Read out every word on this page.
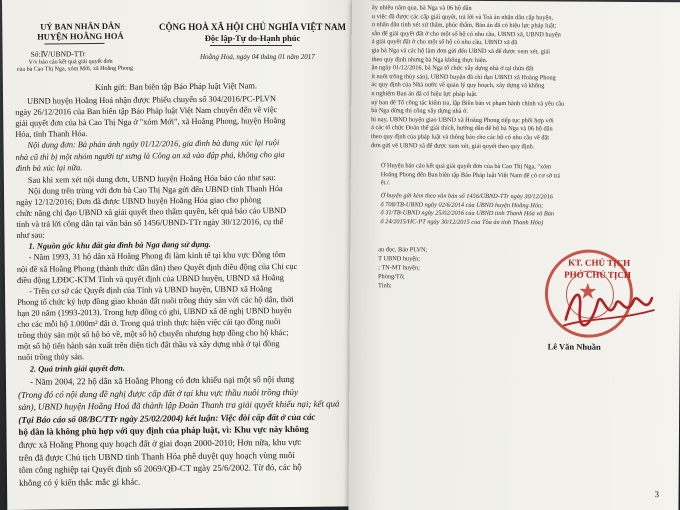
UỶ BAN NHÂN DÂN
HUYỆN HOẰNG HOÁ
Số:Ⅳ/UBND-TTr
V/v báo cáo kết quả giải quyết đơn
của bà Cao Thị Nga, xóm Mới, xã Hoằng Phong
Kính gửi: Ban biên tập Báo Pháp luật Việt Nam.
UBND huyện Hoằng Hoá nhận được Phiếu chuyển số 304/2016/PC-PLVN
ngày 26/12/2016 của Ban biên tập Báo Pháp luật Việt Nam chuyển đến về việc
giải quyết đơn của bà Cao Thị Nga ở "xóm Mới", xã Hoằng Phong, huyện Hoằng
Hóa, tỉnh Thanh Hóa.
Nội dung đơn: Bà phản ánh ngày 01/12/2016, gia đình bà đang xúc lại ruội
nhà cũ thì bị một nhóm người tự xưng là Công an xã vào đập phá, không cho gia
đình bà xúc lại nữa.
Sau khi xem xét nội dung đơn, UBND huyện Hoằng Hóa báo cáo như sau:
Nội dung trên trùng với đơn bà Cao Thị Nga gửi đến UBND tỉnh Thanh Hóa
ngày 12/12/2016; Đơn đã được UBND huyện Hoằng Hóa giao cho phòng
chức năng chỉ đạo UBND xã giải quyết theo thẩm quyền, kết quả báo cáo UBND
tỉnh và trả lời công dân tại văn bản số 1456/UBND-TTr ngày 30/12/2016, cụ thể
như sau:
1. Nguồn gốc khu đất gia đình bà Nga đang sử dụng.
- Năm 1993, 31 hộ dân xã Hoằng Phong đi làm kinh tế tại khu vực Đồng tôm
nội đê xã Hoằng Phong (thành thức dân dân) theo Quyết định điều động của Chi cục
điều động LĐĐC-KTM Tỉnh và quyết định của UBND huyện, UBND xã Hoằng
- Trên cơ sở các Quyết định của Tỉnh và UBND huyện, UBND xã Hoằng
Phong tổ chức ký hợp đồng giao khoán đất nuôi trồng thủy sản với các hộ dân, thời
hạn 20 năm (1993-2013). Trong hợp đồng có ghi, UBND xã để nghị UBND huyện
cho các mỗi hộ 1.000m² đất ở. Trong quá trình thực hiện việc cải tạo đồng nuôi
trồng thủy sản một số hộ bỏ về, một số hộ chuyển nhượng hợp đồng cho hộ khác;
một số hộ tiến hành sản xuất trên diện tích đất thầu và xây dựng nhà ở tại đồng
nuôi trồng thủy sản.
2. Quá trình giải quyết đơn.
- Năm 2004, 22 hộ dân xã Hoằng Phong có đơn khiếu nại một số nội dung
(Trong đó có nội dung đề nghị được cấp đất ở tại khu vực thầu nuôi trồng thủy
sản), UBND huyện Hoằng Hoá đã thành lập Đoàn Thanh tra giải quyết khiếu nại; kết quả
(Tại Báo cáo số 08/BC/TTr ngày 25/02/2004) kết luận: Việc đòi cấp đất ở của các
hộ dân là không phù hợp với quy định của pháp luật, vì: Khu vực này không
được xã Hoằng Phong quy hoạch đất ở giai đoạn 2000-2010; Hơn nữa, khu vực
trên đã được Chủ tịch UBND tỉnh Thanh Hóa phê duyệt quy hoạch vùng nuôi
tôm công nghiệp tại Quyết định số 2069/QĐ-CT ngày 25/6/2002. Từ đó, các hộ
không có ý kiến thắc mắc gì khác.
CỘNG HOÀ XÃ HỘI CHỦ NGHĨA VIỆT NAM
Độc lập-Tự do-Hạnh phúc
Hoằng Hoá, ngày 04 tháng 01 năm 2017
ây nhiều năm qua, bà Nga và 06 hộ dân
u việc đã được các cấp giải quyết, trả lời và Toà án nhân dân cấp huyện,
n nhân dân tỉnh xét xử thẩm, phúc thẩm, Bản án đã có hiệu lực pháp luật;
sẵn để giải quyết đất ở cho một số hộ có nhu cầu, UBND xã, UBND huyện
ả giải quyết đất ở cho một số hộ có nhu cầu, UBND xã đã
gia bà Nga và các hộ làm đơn gửi đến UBND xã để được xem xét, giải
theo quy định nhưng bà Nga không thực hiện.
ận ngày 01/12/2016, bà Nga tổ chức xây dựng nhà ở tại thửa đất
ít nuôi trồng thủy sản), UBND huyện đã chỉ đạo UBND xã Hoằng Phong
ác quy định của Nhà nước về quản lý quy hoạch, xây dựng và không
n nghiệm Ban án đã có hiệu lực pháp luật.
uỷ ban để Tổ công tác kiểm tra, lập Biên bản vi phạm hành chính và yêu cầu
bà Nga dừng thi công xây dựng nhà ở.
hi nay, UBND huyện giao UBND xã Hoằng Phong tiếp tục phối hợp với
ả các tổ chức Đoàn thể giải thích, hướng dẫn để bộ bà Nga và 06 hộ dân
theo quy định của pháp luật và thông báo cho các hộ có nhu cầu về đất
đơn gửi về UBND xã để được xem xét, giải quyết theo quy định.
Ở Huyện báo cáo kết quả giải quyết đơn của bà Cao Thị Nga, "xóm
Hoằng Phong đến Ban biên tập Báo Pháp luật Việt Nam để có cơ sở trả
ết./.
Ở huyện gửi kèm theo văn bản số 1456/UBND-TTr ngày 30/12/2016
ố 708/TB-UBND ngày 02/6/2014 của UBND huyện Hoằng Hóa;
ố 31/TB-UBND ngày 25/02/2016 của UBND tỉnh Thanh Hóa và Bản
ố 24/2015/HC-PT ngày 30/12/2015 của Tòa án tỉnh Thanh Hóa)
an đọc, Báo PLVN;
T UBND huyện;
; TN-MT huyện;
Phòng/Tổ;
Tỉnh;	★
KT. CHỦ TỊCH
PHÓ CHỦ TỊCH
Lê Văn Nhuần
3
